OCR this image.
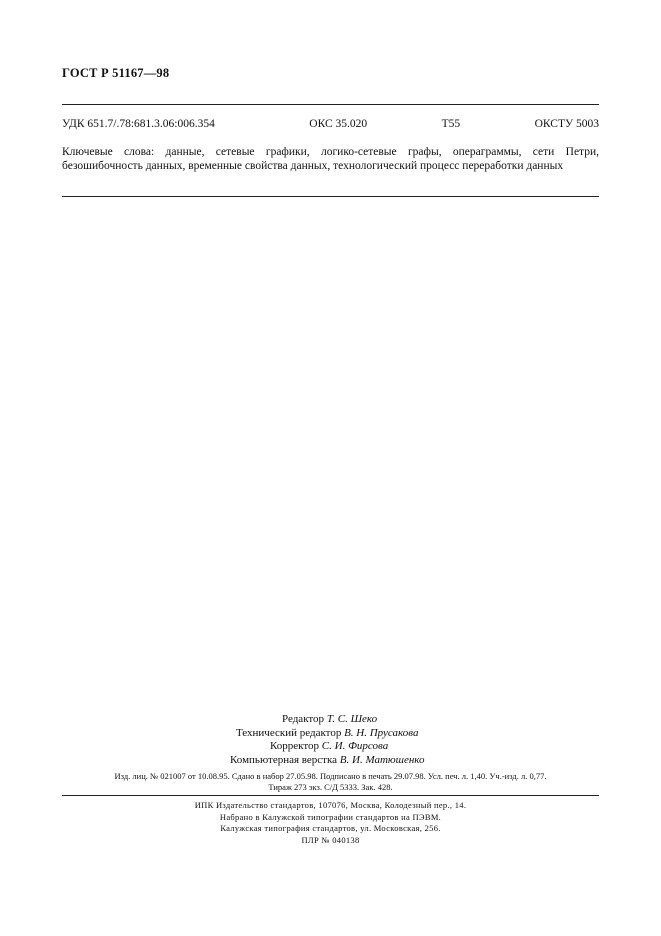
ГОСТ Р 51167—98
УДК 651.7/.78:681.3.06:006.354	ОКС 35.020	Т55	ОКСТУ 5003
Ключевые слова: данные, сетевые графики, логико-сетевые графы, операграммы, сети Петри, безошибочность данных, временные свойства данных, технологический процесс переработки данных
Редактор Т. С. Шеко
Технический редактор В. Н. Прусакова
Корректор С. И. Фирсова
Компьютерная верстка В. И. Матюшенко
Изд. лиц. № 021007 от 10.08.95. Сдано в набор 27.05.98. Подписано в печать 29.07.98. Усл. печ. л. 1,40. Уч.-изд. л. 0,77.
Тираж 273 экз. С/Д 5333. Зак. 428.
ИПК Издательство стандартов, 107076, Москва, Колодезный пер., 14.
Набрано в Калужской типографии стандартов на ПЭВМ.
Калужская типография стандартов, ул. Московская, 256.
ПЛР № 040138
